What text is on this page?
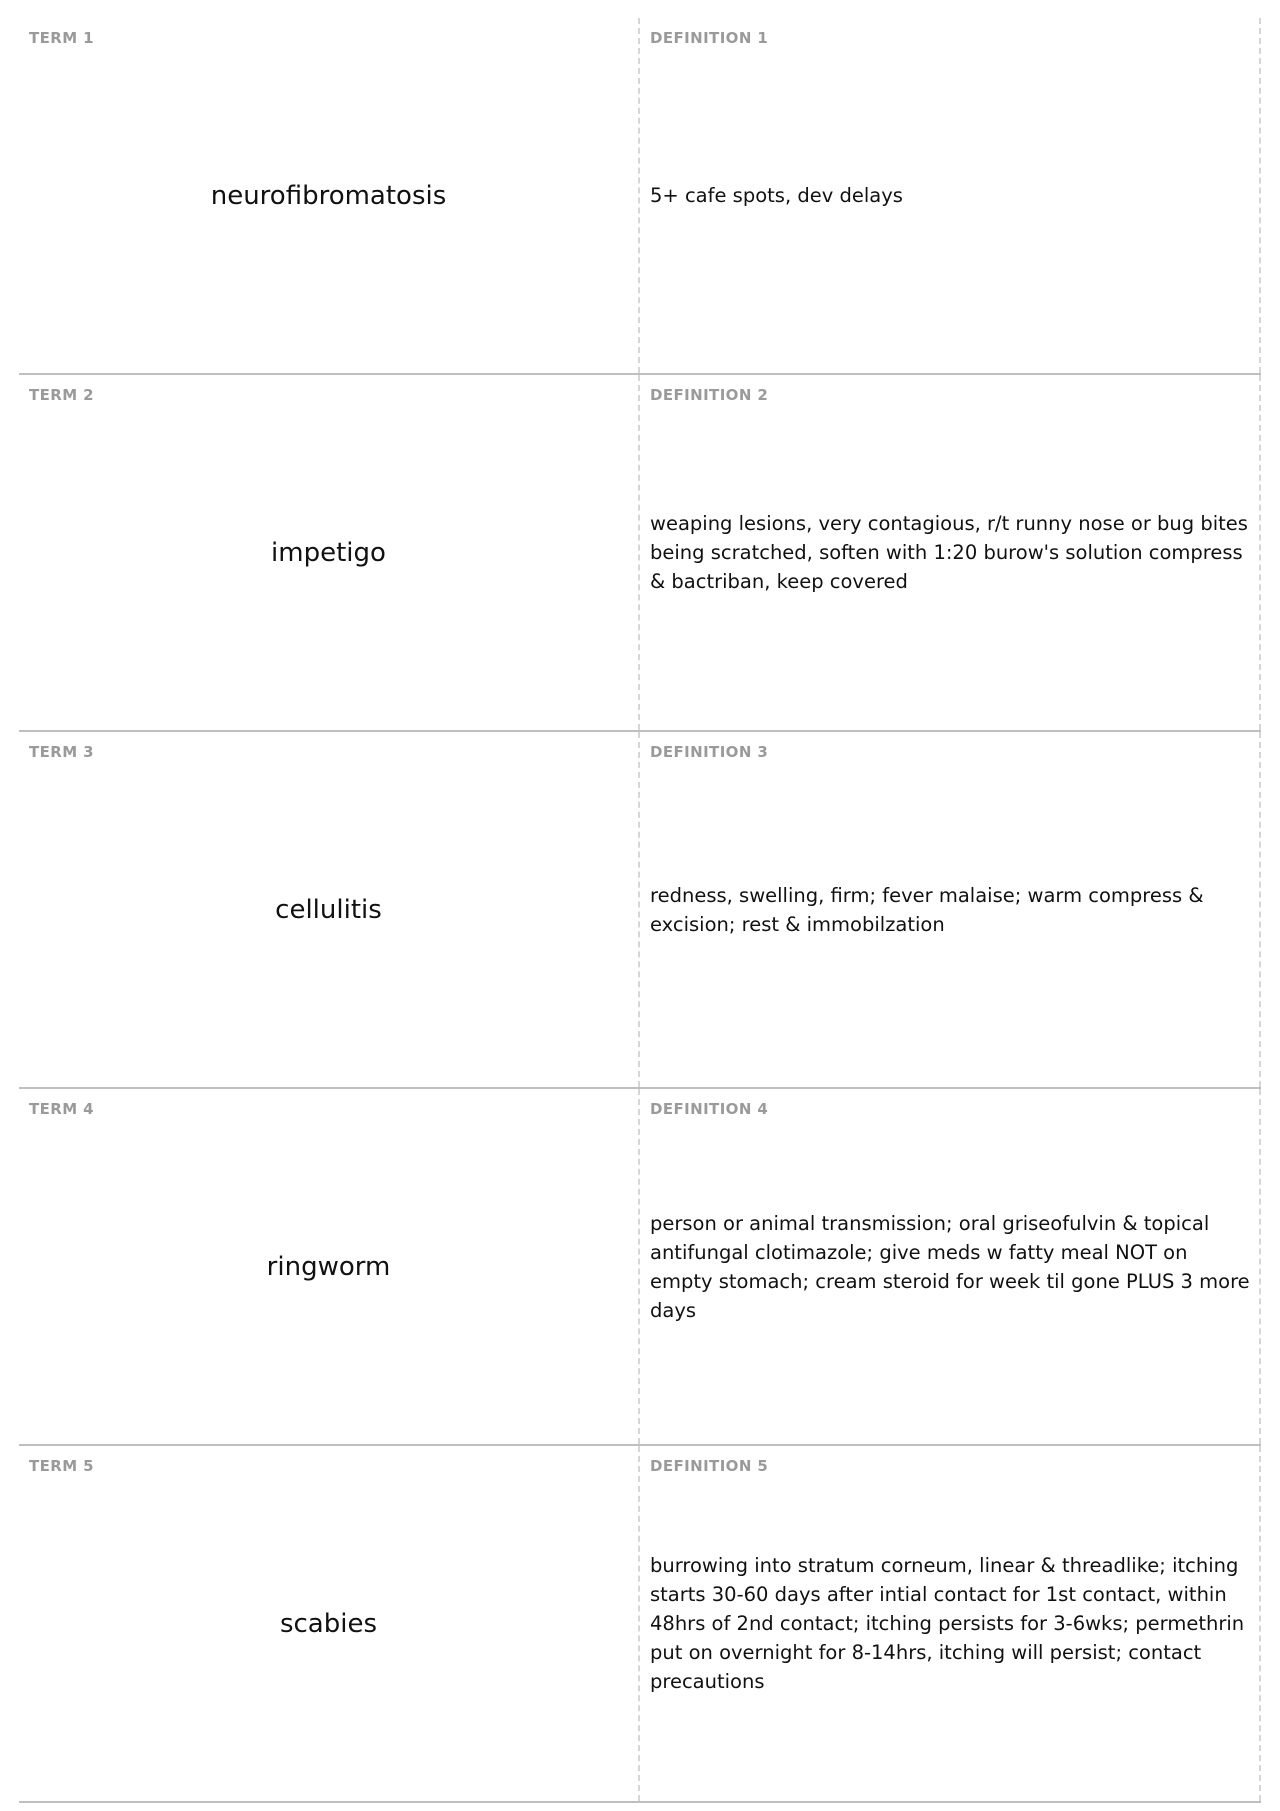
TERM 1
neurofibromatosis
DEFINITION 1
5+ cafe spots, dev delays
TERM 2
impetigo
DEFINITION 2
weaping lesions, very contagious, r/t runny nose or bug bites being scratched, soften with 1:20 burow's solution compress & bactriban, keep covered
TERM 3
cellulitis
DEFINITION 3
redness, swelling, firm; fever malaise; warm compress & excision; rest & immobilzation
TERM 4
ringworm
DEFINITION 4
person or animal transmission; oral griseofulvin & topical antifungal clotimazole; give meds w fatty meal NOT on empty stomach; cream steroid for week til gone PLUS 3 more days
TERM 5
scabies
DEFINITION 5
burrowing into stratum corneum, linear & threadlike; itching starts 30-60 days after intial contact for 1st contact, within 48hrs of 2nd contact; itching persists for 3-6wks; permethrin put on overnight for 8-14hrs, itching will persist; contact precautions
